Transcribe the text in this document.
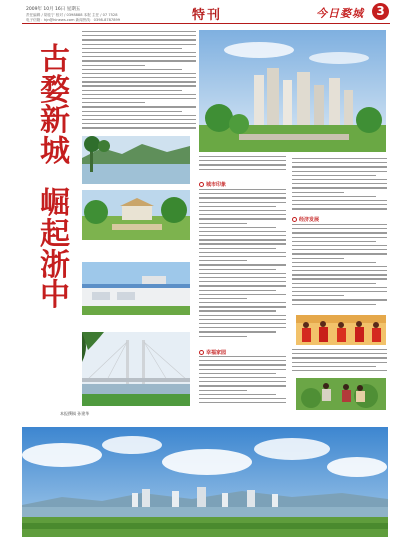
2009年 10月 16日 星期五
责任编辑 / 胡佳宁 校对 / 0398888 本报 主任 / 07 7528
电子信箱：hjn@hinews.com 新闻热线：0398-8787899	特刊	今日婺城	3
古
婺
新
城
崛
起
浙
中
本报撰稿 孙建华
城市印象
经济发展
幸福家园
